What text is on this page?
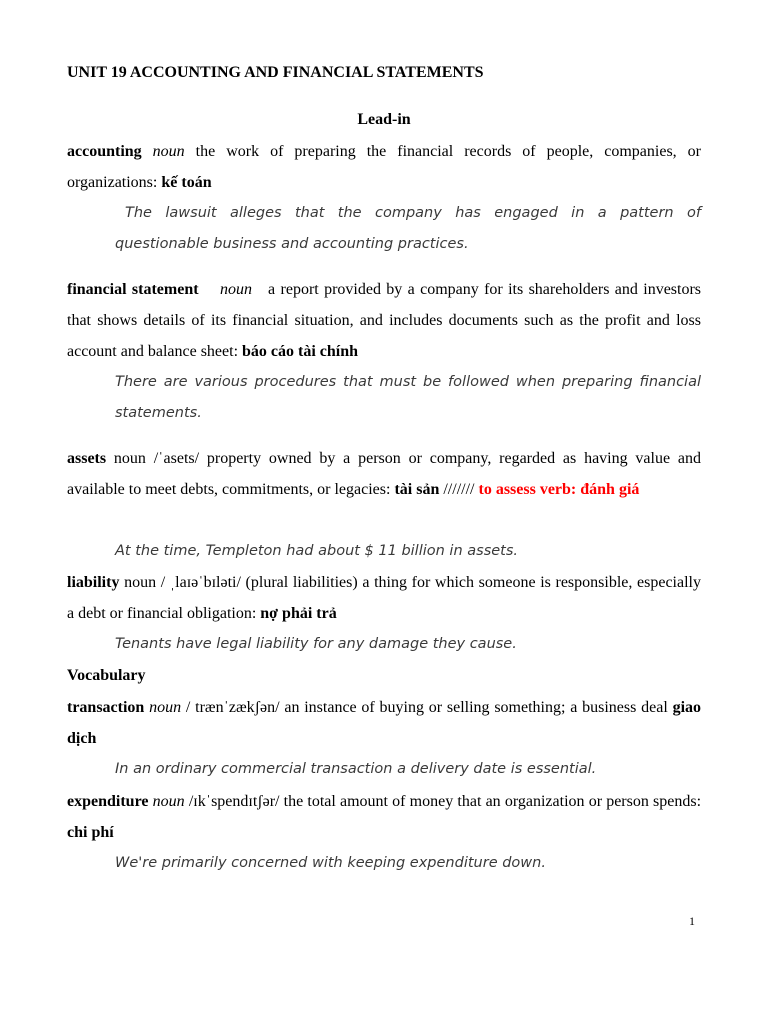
UNIT 19 ACCOUNTING AND FINANCIAL STATEMENTS
Lead-in
accounting noun the work of preparing the financial records of people, companies, or organizations: kế toán
The lawsuit alleges that the company has engaged in a pattern of questionable business and accounting practices.
financial statement noun   a report provided by a company for its shareholders and investors that shows details of its financial situation, and includes documents such as the profit and loss account and balance sheet: báo cáo tài chính
There are various procedures that must be followed when preparing financial statements.
assets noun /ˈasets/ property owned by a person or company, regarded as having value and available to meet debts, commitments, or legacies: tài sản /////// to assess verb: đánh giá
At the time, Templeton had about $ 11 billion in assets.
liability noun / ˌlaɪəˈbɪləti/ (plural liabilities) a thing for which someone is responsible, especially a debt or financial obligation: nợ phải trả
Tenants have legal liability for any damage they cause.
Vocabulary
transaction noun / trænˈzækʃən/ an instance of buying or selling something; a business deal giao dịch
In an ordinary commercial transaction a delivery date is essential.
expenditure noun /ɪkˈspendɪtʃər/ the total amount of money that an organization or person spends: chi phí
We're primarily concerned with keeping expenditure down.
1
